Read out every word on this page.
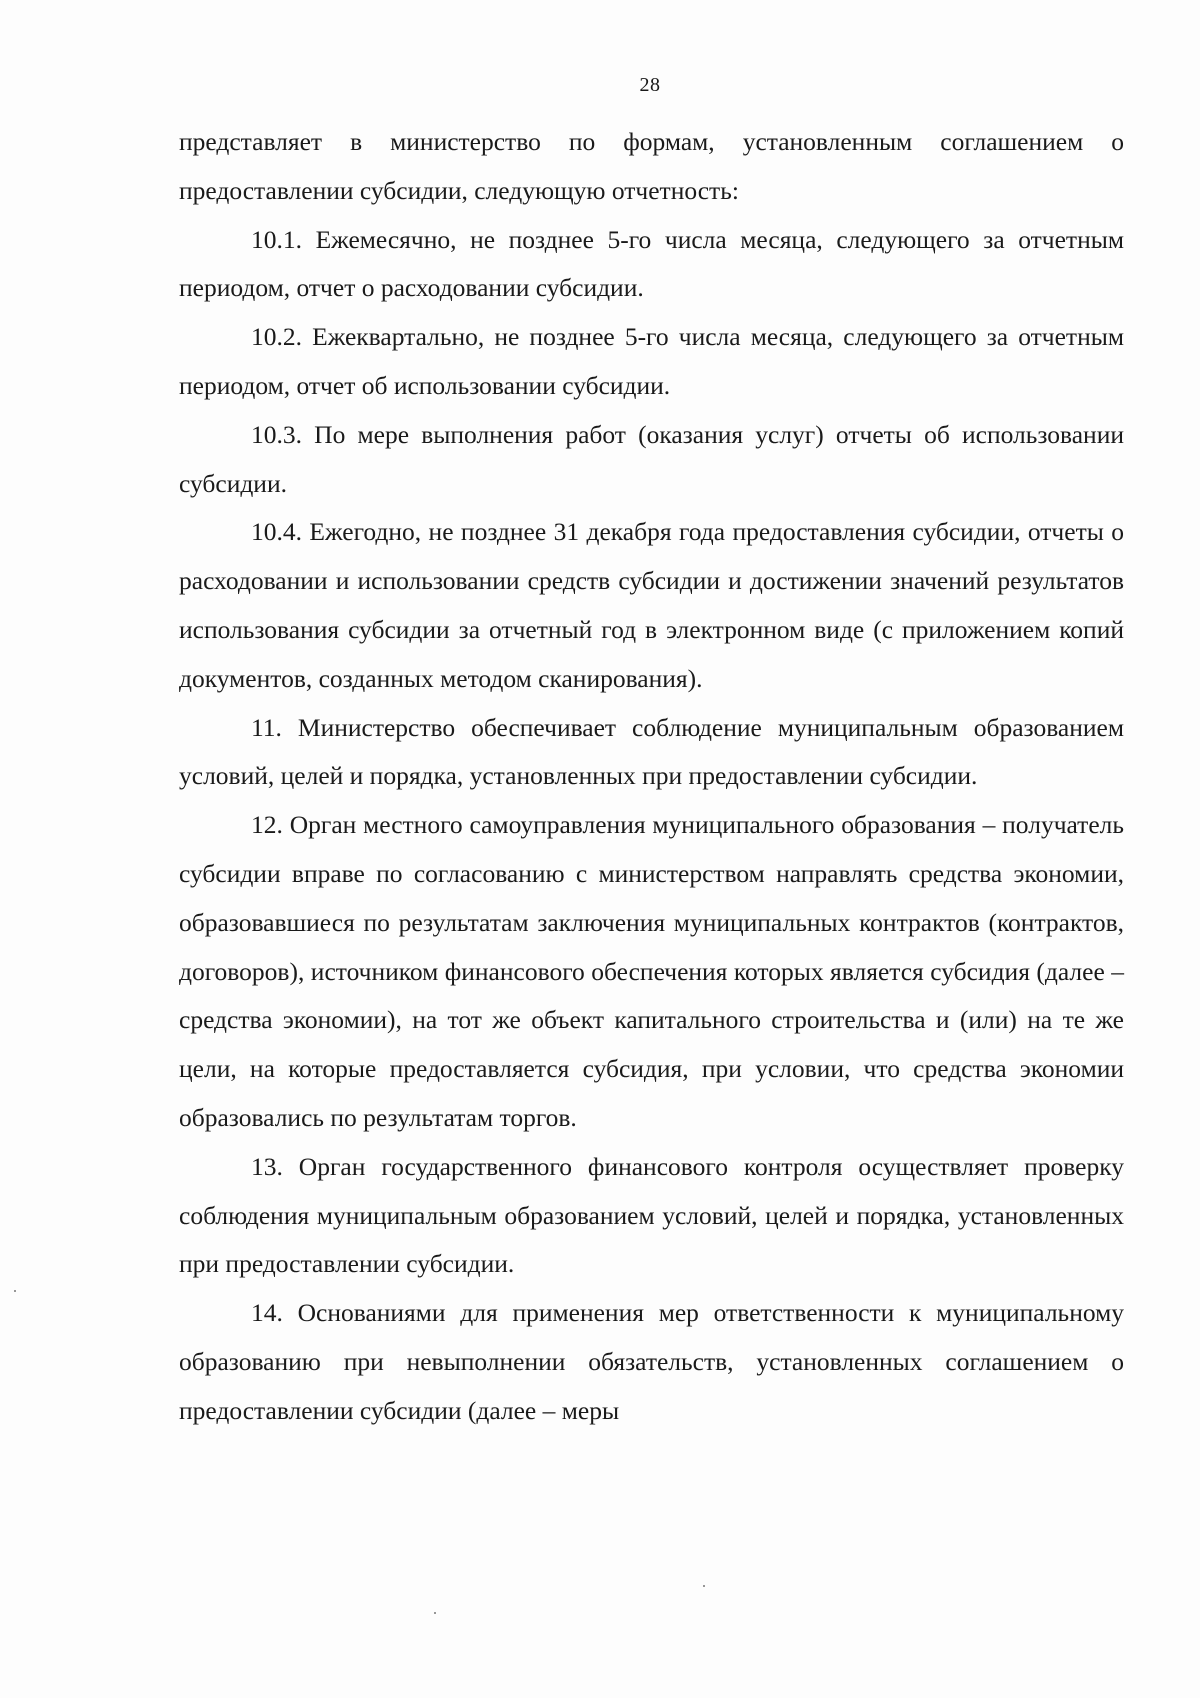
28

представляет в министерство по формам, установленным соглашением о предоставлении субсидии, следующую отчетность:

10.1. Ежемесячно, не позднее 5-го числа месяца, следующего за отчетным периодом, отчет о расходовании субсидии.

10.2. Ежеквартально, не позднее 5-го числа месяца, следующего за отчетным периодом, отчет об использовании субсидии.

10.3. По мере выполнения работ (оказания услуг) отчеты об использовании субсидии.

10.4. Ежегодно, не позднее 31 декабря года предоставления субсидии, отчеты о расходовании и использовании средств субсидии и достижении значений результатов использования субсидии за отчетный год в электронном виде (с приложением копий документов, созданных методом сканирования).

11. Министерство обеспечивает соблюдение муниципальным образованием условий, целей и порядка, установленных при предоставлении субсидии.

12. Орган местного самоуправления муниципального образования – получатель субсидии вправе по согласованию с министерством направлять средства экономии, образовавшиеся по результатам заключения муниципальных контрактов (контрактов, договоров), источником финансового обеспечения которых является субсидия (далее – средства экономии), на тот же объект капитального строительства и (или) на те же цели, на которые предоставляется субсидия, при условии, что средства экономии образовались по результатам торгов.

13. Орган государственного финансового контроля осуществляет проверку соблюдения муниципальным образованием условий, целей и порядка, установленных при предоставлении субсидии.

14. Основаниями для применения мер ответственности к муниципальному образованию при невыполнении обязательств, установленных соглашением о предоставлении субсидии (далее – меры
